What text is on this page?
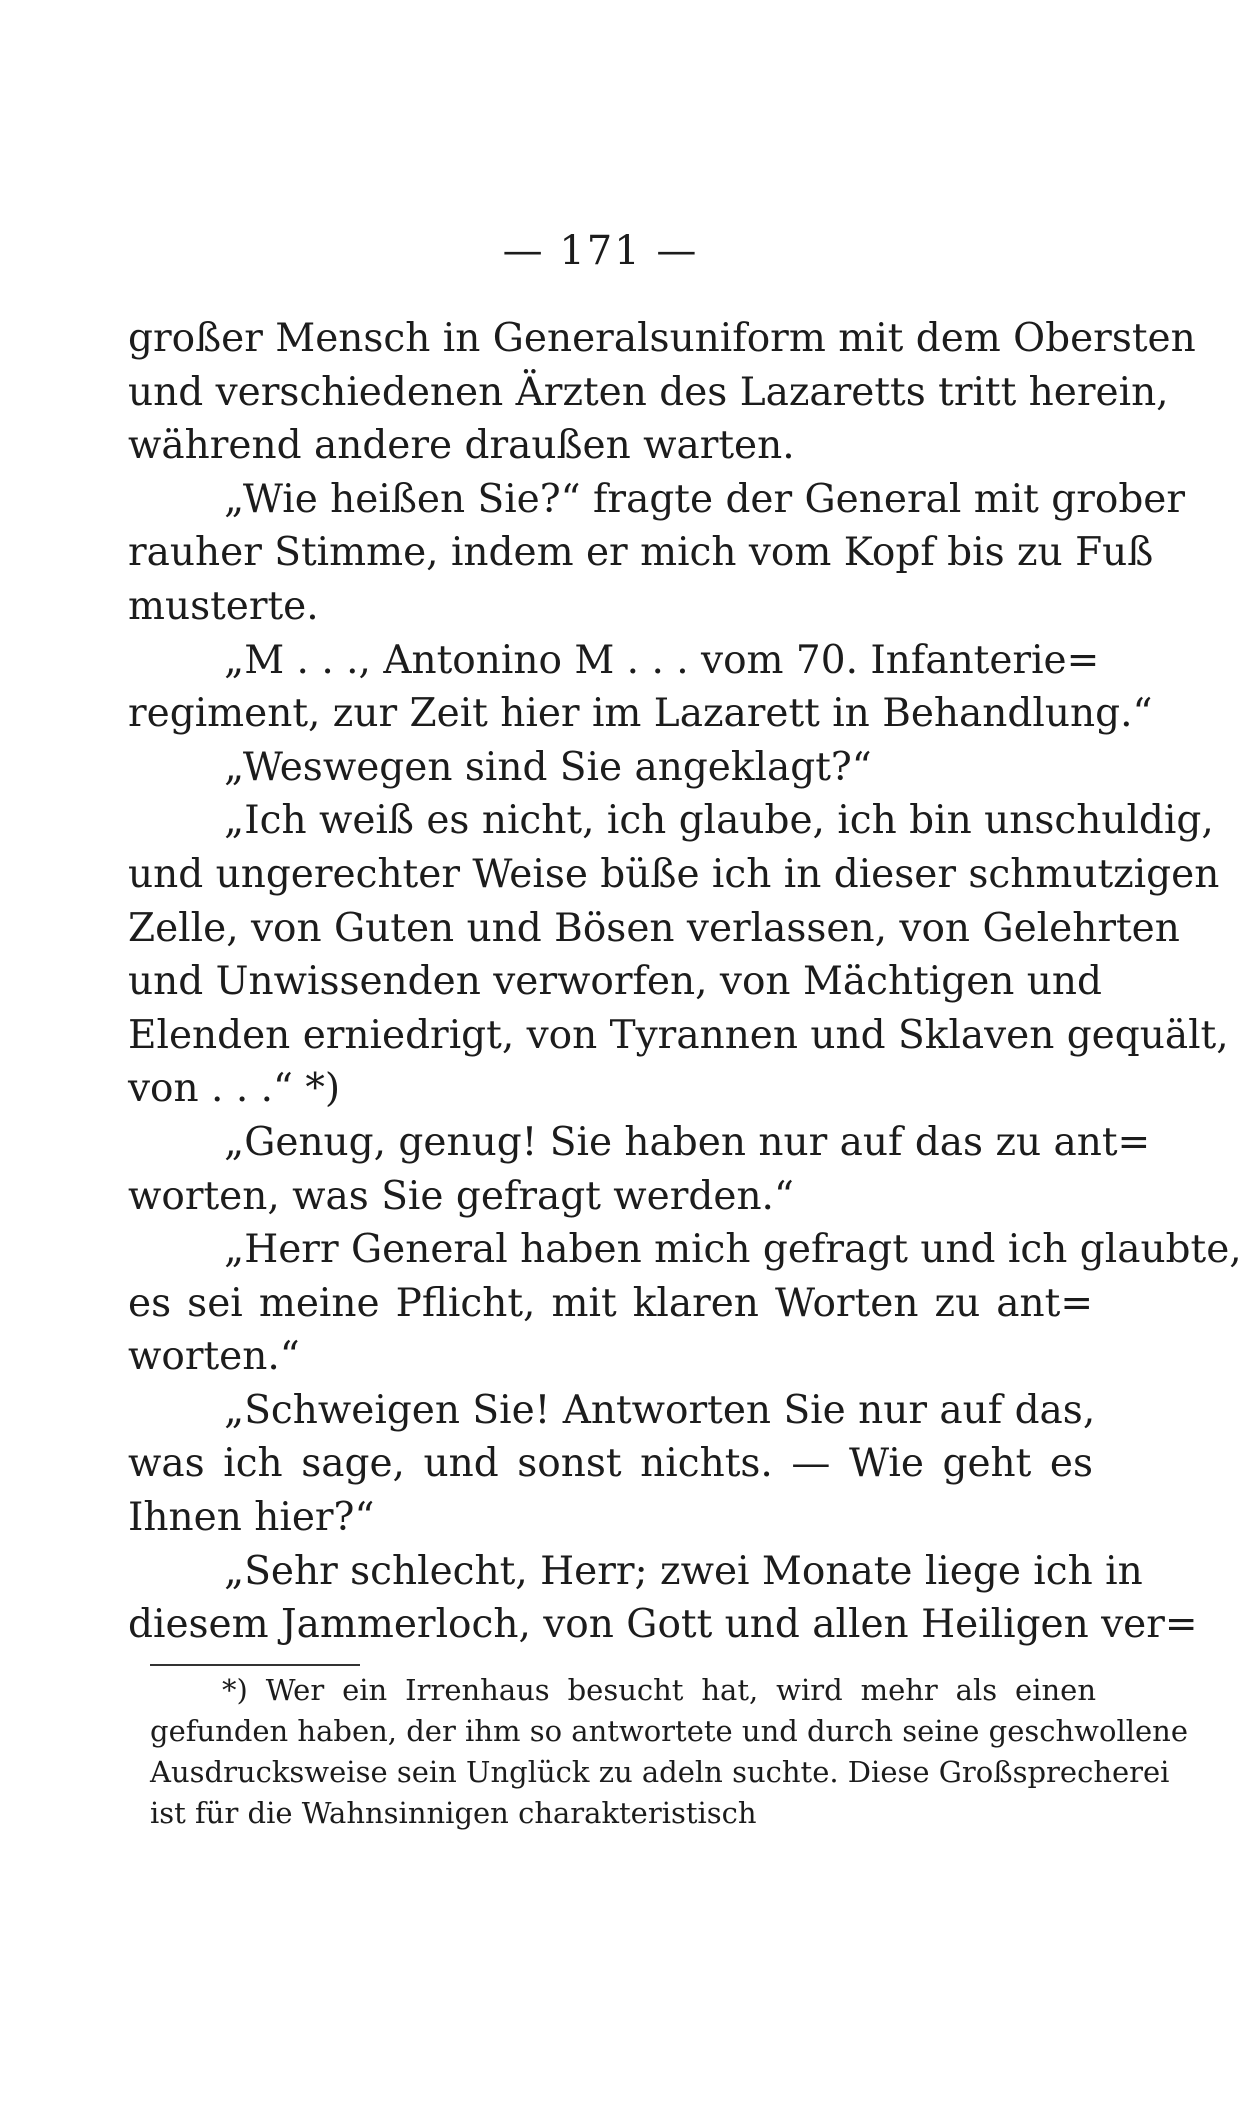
— 171 —
großer Mensch in Generalsuniform mit dem Obersten
und verschiedenen Ärzten des Lazaretts tritt herein,
während andere draußen warten.
„Wie heißen Sie?“ fragte der General mit grober
rauher Stimme, indem er mich vom Kopf bis zu Fuß
musterte.
„M . . ., Antonino M . . . vom 70. Infanterie=
regiment, zur Zeit hier im Lazarett in Behandlung.“
„Weswegen sind Sie angeklagt?“
„Ich weiß es nicht, ich glaube, ich bin unschuldig,
und ungerechter Weise büße ich in dieser schmutzigen
Zelle, von Guten und Bösen verlassen, von Gelehrten
und Unwissenden verworfen, von Mächtigen und
Elenden erniedrigt, von Tyrannen und Sklaven gequält,
von . . .“ *)
„Genug, genug! Sie haben nur auf das zu ant=
worten, was Sie gefragt werden.“
„Herr General haben mich gefragt und ich glaubte,
es sei meine Pflicht, mit klaren Worten zu ant=
worten.“
„Schweigen Sie! Antworten Sie nur auf das,
was ich sage, und sonst nichts. — Wie geht es
Ihnen hier?“
„Sehr schlecht, Herr; zwei Monate liege ich in
diesem Jammerloch, von Gott und allen Heiligen ver=
*) Wer ein Irrenhaus besucht hat, wird mehr als einen
gefunden haben, der ihm so antwortete und durch seine geschwollene
Ausdrucksweise sein Unglück zu adeln suchte. Diese Großsprecherei
ist für die Wahnsinnigen charakteristisch
